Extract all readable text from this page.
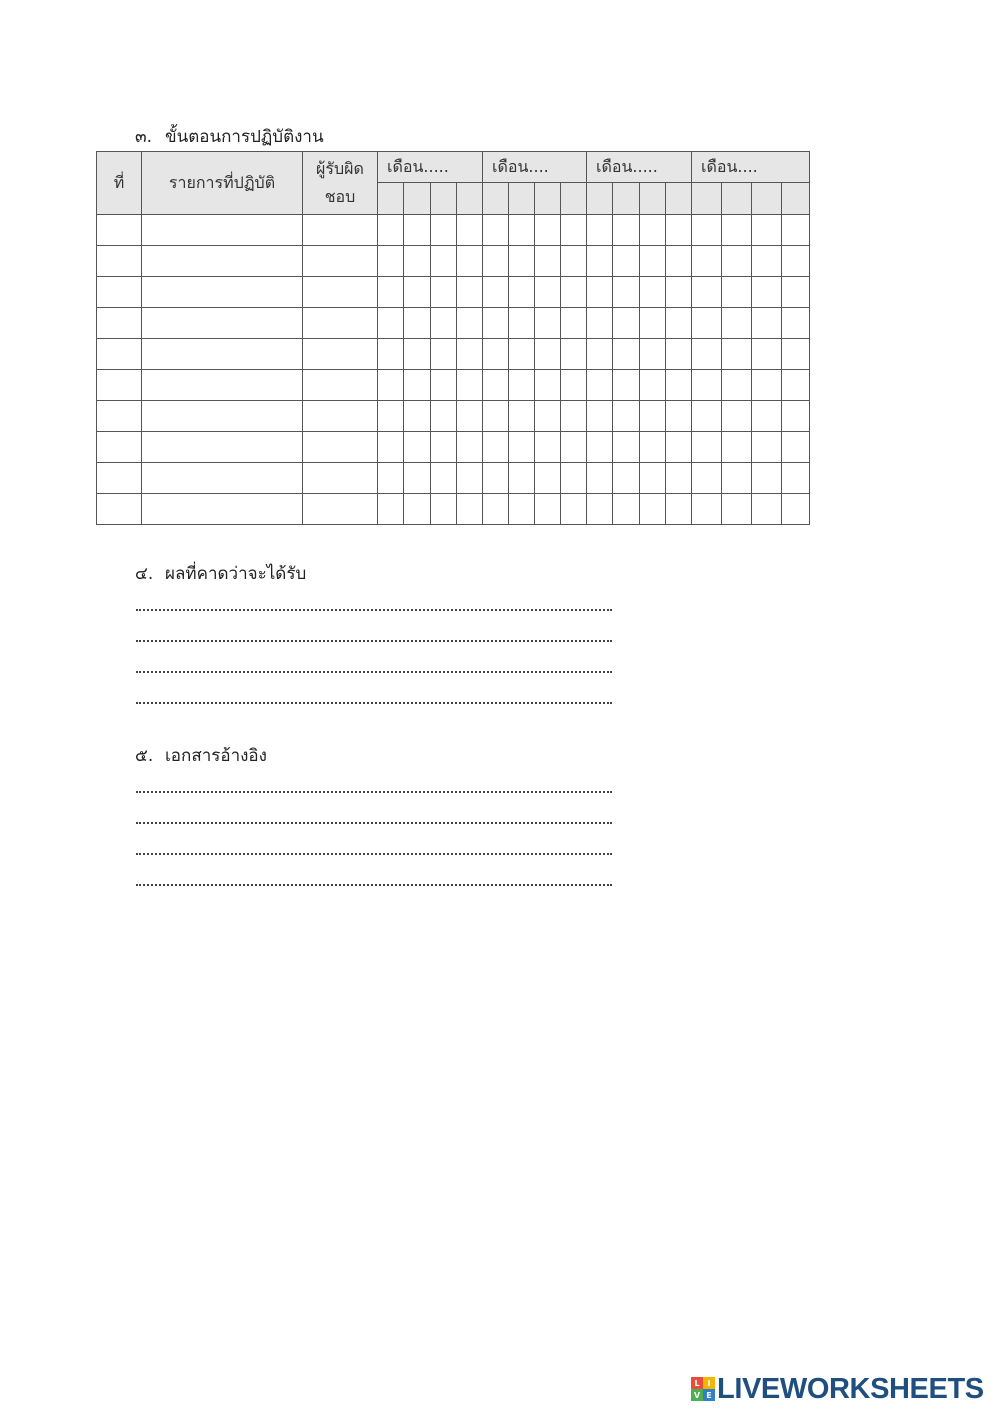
๓. ขั้นตอนการปฏิบัติงาน
ที่	รายการที่ปฏิบัติ	ผู้รับผิดชอบ	เดือน.....				เดือน....				เดือน.....				เดือน....			

๔. ผลที่คาดว่าจะได้รับ
๕. เอกสารอ้างอิง
L I
V E LIVEWORKSHEETS
